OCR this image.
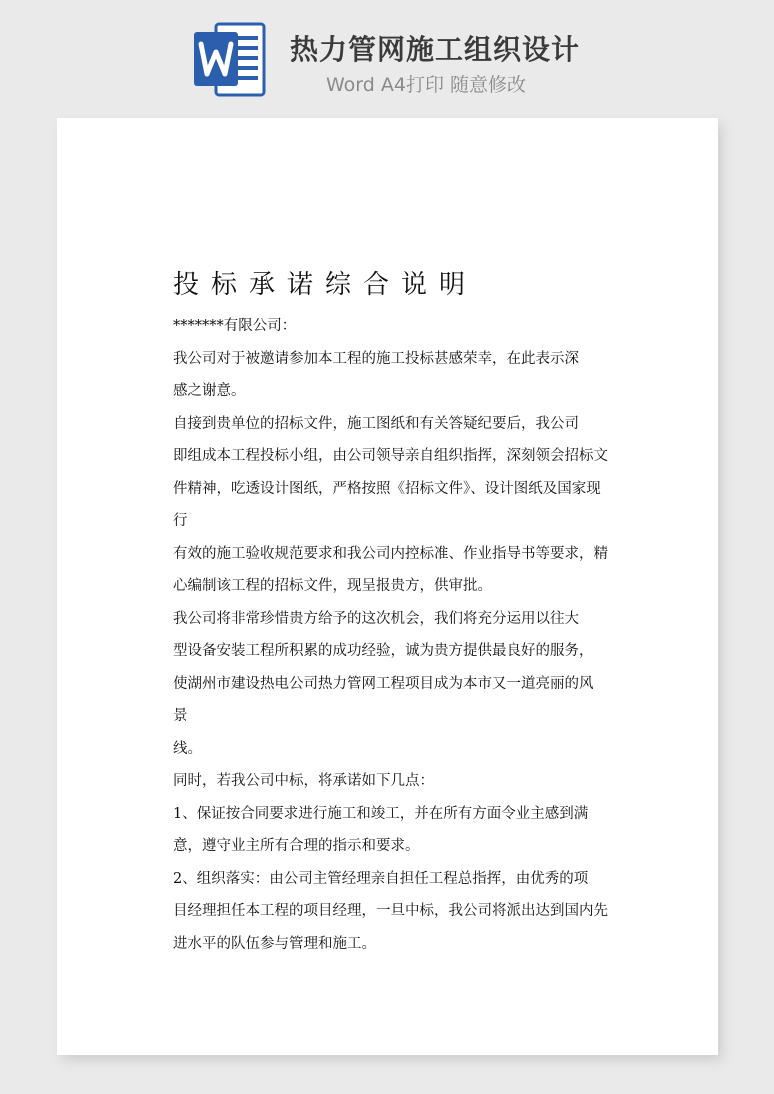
热力管网施工组织设计
Word A4打印 随意修改
投标承诺综合说明
*******有限公司：
我公司对于被邀请参加本工程的施工投标甚感荣幸，在此表示深
感之谢意。
自接到贵单位的招标文件，施工图纸和有关答疑纪要后，我公司
即组成本工程投标小组，由公司领导亲自组织指挥，深刻领会招标文
件精神，吃透设计图纸，严格按照《招标文件》、设计图纸及国家现
行
有效的施工验收规范要求和我公司内控标准、作业指导书等要求，精
心编制该工程的招标文件，现呈报贵方，供审批。
我公司将非常珍惜贵方给予的这次机会，我们将充分运用以往大
型设备安装工程所积累的成功经验，诚为贵方提供最良好的服务，
使湖州市建设热电公司热力管网工程项目成为本市又一道亮丽的风
景
线。
同时，若我公司中标，将承诺如下几点：
1、保证按合同要求进行施工和竣工，并在所有方面令业主感到满
意，遵守业主所有合理的指示和要求。
2、组织落实：由公司主管经理亲自担任工程总指挥，由优秀的项
目经理担任本工程的项目经理，一旦中标，我公司将派出达到国内先
进水平的队伍参与管理和施工。
